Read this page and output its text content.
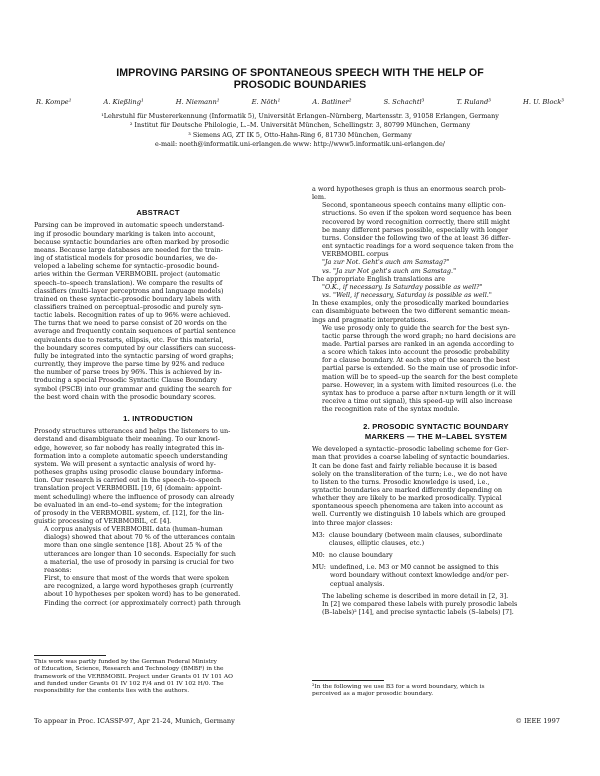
IMPROVING PARSING OF SPONTANEOUS SPEECH WITH THE HELP OF
PROSODIC BOUNDARIES
R. Kompe¹	A. Kießling¹	H. Niemann¹	E. Nöth¹	A. Batliner²	S. Schachtl³	T. Ruland³	H. U. Block³
¹Lehrstuhl für Mustererkennung (Informatik 5), Universität Erlangen–Nürnberg, Martensstr. 3, 91058 Erlangen, Germany
² Institut für Deutsche Philologie, L.–M. Universität München, Schellingstr. 3, 80799 München, Germany
³ Siemens AG, ZT IK 5, Otto-Hahn-Ring 6, 81730 München, Germany
e-mail: noeth@informatik.uni-erlangen.de www: http://www5.informatik.uni-erlangen.de/
ABSTRACT
Parsing can be improved in automatic speech understand-
ing if prosodic boundary marking is taken into account,
because syntactic boundaries are often marked by prosodic
means. Because large databases are needed for the train-
ing of statistical models for prosodic boundaries, we de-
veloped a labeling scheme for syntactic–prosodic bound-
aries within the German VERBMOBIL project (automatic
speech–to–speech translation). We compare the results of
classifiers (multi–layer perceptrons and language models)
trained on these syntactic–prosodic boundary labels with
classifiers trained on perceptual–prosodic and purely syn-
tactic labels. Recognition rates of up to 96% were achieved.
The turns that we need to parse consist of 20 words on the
average and frequently contain sequences of partial sentence
equivalents due to restarts, ellipsis, etc. For this material,
the boundary scores computed by our classifiers can success-
fully be integrated into the syntactic parsing of word graphs;
currently, they improve the parse time by 92% and reduce
the number of parse trees by 96%. This is achieved by in-
troducing a special Prosodic Syntactic Clause Boundary
symbol (PSCB) into our grammar and guiding the search for
the best word chain with the prosodic boundary scores.
1. INTRODUCTION
Prosody structures utterances and helps the listeners to un-
derstand and disambiguate their meaning. To our knowl-
edge, however, so far nobody has really integrated this in-
formation into a complete automatic speech understanding
system. We will present a syntactic analysis of word hy-
potheses graphs using prosodic clause boundary informa-
tion. Our research is carried out in the speech–to–speech
translation project VERBMOBIL [19, 6] (domain: appoint-
ment scheduling) where the influence of prosody can already
be evaluated in an end–to–end system; for the integration
of prosody in the VERBMOBIL system, cf. [12], for the lin-
guistic processing of VERBMOBIL, cf. [4].
A corpus analysis of VERBMOBIL data (human–human
dialogs) showed that about 70 % of the utterances contain
more than one single sentence [18]. About 25 % of the
utterances are longer than 10 seconds. Especially for such
a material, the use of prosody in parsing is crucial for two
reasons:
First, to ensure that most of the words that were spoken
are recognized, a large word hypotheses graph (currently
about 10 hypotheses per spoken word) has to be generated.
Finding the correct (or approximately correct) path through
This work was partly funded by the German Federal Ministry
of Education, Science, Research and Technology (BMBF) in the
framework of the VERBMOBIL Project under Grants 01 IV 101 AO
and funded under Grants 01 IV 102 F/4 and 01 IV 102 H/0. The
responsibility for the contents lies with the authors.
a word hypotheses graph is thus an enormous search prob-
lem.
Second, spontaneous speech contains many elliptic con-
structions. So even if the spoken word sequence has been
recovered by word recognition correctly, there still might
be many different parses possible, especially with longer
turns. Consider the following two of the at least 36 differ-
ent syntactic readings for a word sequence taken from the
VERBMOBIL corpus
"Ja zur Not. Geht's auch am Samstag?"
vs. "Ja zur Not geht's auch am Samstag."
The appropriate English translations are
"O.K., if necessary. Is Saturday possible as well?"
vs. "Well, if necessary, Saturday is possible as well."
In these examples, only the prosodically marked boundaries
can disambiguate between the two different semantic mean-
ings and pragmatic interpretations.
We use prosody only to guide the search for the best syn-
tactic parse through the word graph; no hard decisions are
made. Partial parses are ranked in an agenda according to
a score which takes into account the prosodic probability
for a clause boundary. At each step of the search the best
partial parse is extended. So the main use of prosodic infor-
mation will be to speed–up the search for the best complete
parse. However, in a system with limited resources (i.e. the
syntax has to produce a parse after n×turn length or it will
receive a time out signal), this speed–up will also increase
the recognition rate of the syntax module.
2. PROSODIC SYNTACTIC BOUNDARY
MARKERS — THE M–LABEL SYSTEM
We developed a syntactic–prosodic labeling scheme for Ger-
man that provides a coarse labeling of syntactic boundaries.
It can be done fast and fairly reliable because it is based
solely on the transliteration of the turn; i.e., we do not have
to listen to the turns. Prosodic knowledge is used, i.e.,
syntactic boundaries are marked differently depending on
whether they are likely to be marked prosodically. Typical
spontaneous speech phenomena are taken into account as
well. Currently we distinguish 10 labels which are grouped
into three major classes:
M3: clause boundary (between main clauses, subordinate
clauses, elliptic clauses, etc.)
M0: no clause boundary
MU: undefined, i.e. M3 or M0 cannot be assigned to this
word boundary without context knowledge and/or per-
ceptual analysis.
The labeling scheme is described in more detail in [2, 3].
In [2] we compared these labels with purely prosodic labels
(B–labels)² [14], and precise syntactic labels (S–labels) [7].
²In the following we use B3 for a word boundary, which is
perceived as a major prosodic boundary.
To appear in Proc. ICASSP-97, Apr 21-24, Munich, Germany	© IEEE 1997
